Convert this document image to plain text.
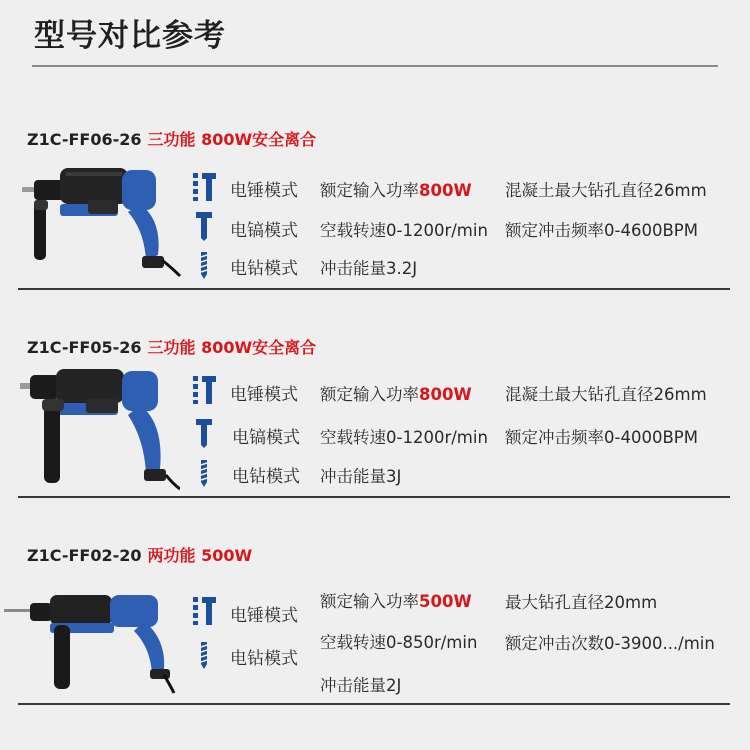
型号对比参考
Z1C-FF06-26 三功能 800W安全离合
电锤模式
电镐模式
电钻模式
额定输入功率800W 混凝土最大钻孔直径26mm
空载转速0-1200r/min 额定冲击频率0-4600BPM
冲击能量3.2J
Z1C-FF05-26 三功能 800W安全离合
电锤模式
电镐模式
电钻模式
额定输入功率800W 混凝土最大钻孔直径26mm
空载转速0-1200r/min 额定冲击频率0-4000BPM
冲击能量3J
Z1C-FF02-20 两功能 500W
电锤模式
电钻模式
额定输入功率500W 最大钻孔直径20mm
空载转速0-850r/min 额定冲击次数0-3900.../min
冲击能量2J
